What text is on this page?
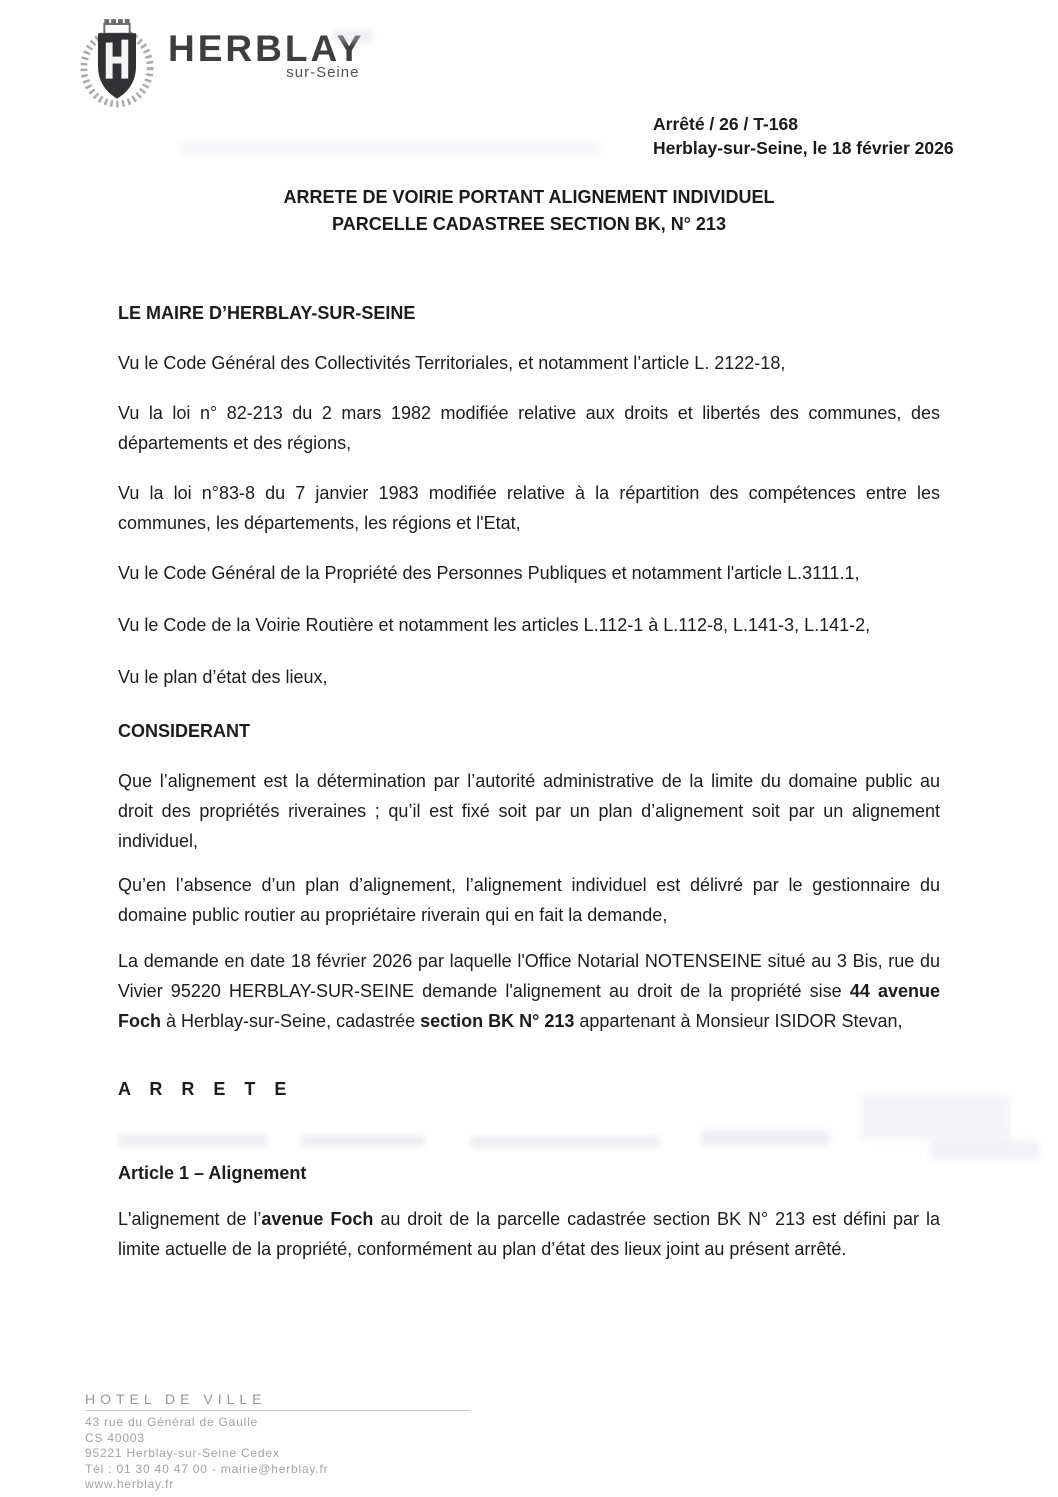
HERBLAY
sur-Seine
Arrêté / 26 / T-168
Herblay-sur-Seine, le 18 février 2026
ARRETE DE VOIRIE PORTANT ALIGNEMENT INDIVIDUEL
PARCELLE CADASTREE SECTION BK, N° 213

LE MAIRE D’HERBLAY-SUR-SEINE

Vu le Code Général des Collectivités Territoriales, et notamment l’article L. 2122-18,

Vu la loi n° 82-213 du 2 mars 1982 modifiée relative aux droits et libertés des communes, des départements et des régions,

Vu la loi n°83-8 du 7 janvier 1983 modifiée relative à la répartition des compétences entre les communes, les départements, les régions et l'Etat,

Vu le Code Général de la Propriété des Personnes Publiques et notamment l'article L.3111.1,

Vu le Code de la Voirie Routière et notamment les articles L.112-1 à L.112-8, L.141-3, L.141-2,

Vu le plan d’état des lieux,

CONSIDERANT

Que l’alignement est la détermination par l’autorité administrative de la limite du domaine public au droit des propriétés riveraines ; qu’il est fixé soit par un plan d’alignement soit par un alignement individuel,

Qu’en l’absence d’un plan d’alignement, l’alignement individuel est délivré par le gestionnaire du domaine public routier au propriétaire riverain qui en fait la demande,

La demande en date 18 février 2026 par laquelle l'Office Notarial NOTENSEINE situé au 3 Bis, rue du Vivier 95220 HERBLAY-SUR-SEINE demande l'alignement au droit de la propriété sise 44 avenue Foch à Herblay-sur-Seine, cadastrée section BK N° 213 appartenant à Monsieur ISIDOR Stevan,

A R R E T E

Article 1 – Alignement

L'alignement de l’avenue Foch au droit de la parcelle cadastrée section BK N° 213 est défini par la limite actuelle de la propriété, conformément au plan d’état des lieux joint au présent arrêté.

HOTEL DE VILLE
43 rue du Général de Gaulle
CS 40003
95221 Herblay-sur-Seine Cedex
Tél : 01 30 40 47 00 - mairie@herblay.fr
www.herblay.fr
